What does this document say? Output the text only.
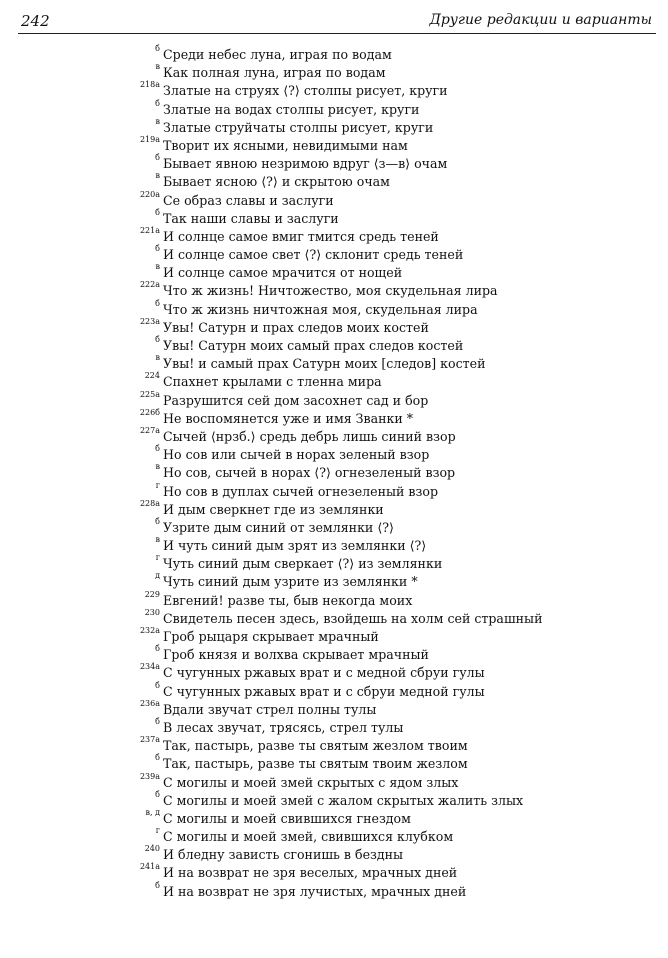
242	Другие редакции и варианты
б Среди небес луна, играя по водам
в Как полная луна, играя по водам
218а Златые на струях ⟨?⟩ столпы рисует, круги
б Златые на водах столпы рисует, круги
в Златые струйчаты столпы рисует, круги
219а Творит их ясными, невидимыми нам
б Бывает явною незримою вдруг ⟨з—в⟩ очам
в Бывает ясною ⟨?⟩ и скрытою очам
220а Се образ славы и заслуги
б Так наши славы и заслуги
221а И солнце самое вмиг тмится средь теней
б И солнце самое свет ⟨?⟩ склонит средь теней
в И солнце самое мрачится от нощей
222а Что ж жизнь! Ничтожество, моя скудельная лира
б Что ж жизнь ничтожная моя, скудельная лира
223а Увы! Сатурн и прах следов моих костей
б Увы! Сатурн моих самый прах следов костей
в Увы! и самый прах Сатурн моих [следов] костей
224 Спахнет крылами с тленна мира
225а Разрушится сей дом засохнет сад и бор
226б Не воспомянется уже и имя Званки *
227а Сычей ⟨нрзб.⟩ средь дебрь лишь синий взор
б Но сов или сычей в норах зеленый взор
в Но сов, сычей в норах ⟨?⟩ огнезеленый взор
г Но сов в дуплах сычей огнезеленый взор
228а И дым сверкнет где из землянки
б Узрите дым синий от землянки ⟨?⟩
в И чуть синий дым зрят из землянки ⟨?⟩
г Чуть синий дым сверкает ⟨?⟩ из землянки
д Чуть синий дым узрите из землянки *
229 Евгений! разве ты, быв некогда моих
230 Свидетель песен здесь, взойдешь на холм сей страшный
232а Гроб рыцаря скрывает мрачный
б Гроб князя и волхва скрывает мрачный
234а С чугунных ржавых врат и с медной сбруи гулы
б С чугунных ржавых врат и с сбруи медной гулы
236а Вдали звучат стрел полны тулы
б В лесах звучат, трясясь, стрел тулы
237а Так, пастырь, разве ты святым жезлом твоим
б Так, пастырь, разве ты святым твоим жезлом
239а С могилы и моей змей скрытых с ядом злых
б С могилы и моей змей с жалом скрытых жалить злых
в, д С могилы и моей свившихся гнездом
г С могилы и моей змей, свившихся клубком
240 И бледну зависть сгонишь в бездны
241а И на возврат не зря веселых, мрачных дней
б И на возврат не зря лучистых, мрачных дней
